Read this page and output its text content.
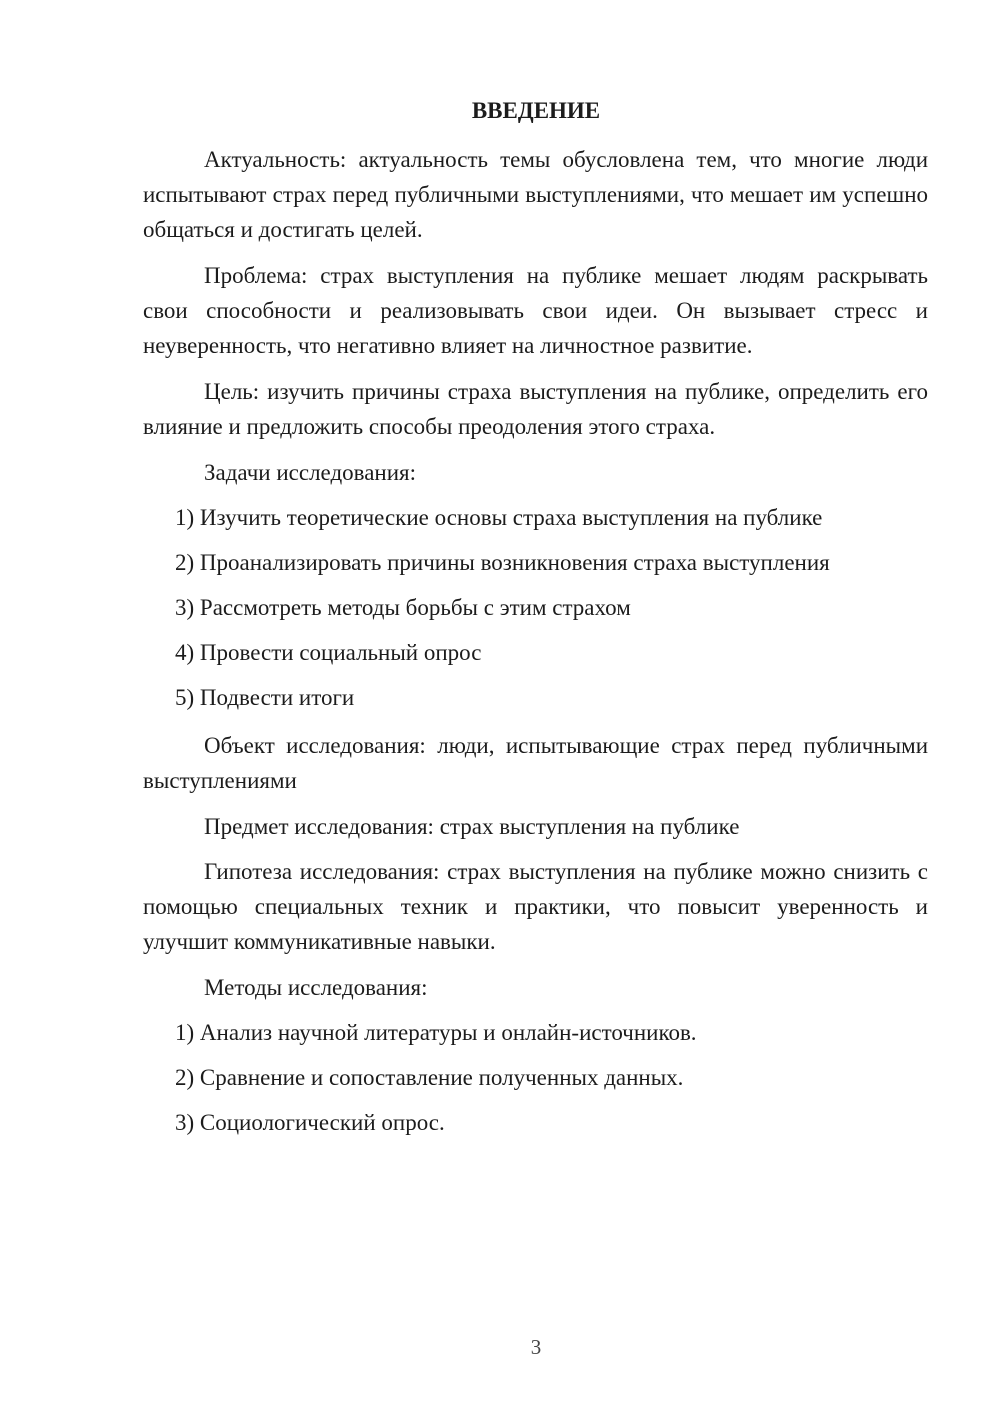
ВВЕДЕНИЕ
Актуальность: актуальность темы обусловлена тем, что многие люди испытывают страх перед публичными выступлениями, что мешает им успешно общаться и достигать целей.
Проблема: страх выступления на публике мешает людям раскрывать свои способности и реализовывать свои идеи. Он вызывает стресс и неуверенность, что негативно влияет на личностное развитие.
Цель: изучить причины страха выступления на публике, определить его влияние и предложить способы преодоления этого страха.
Задачи исследования:
1) Изучить теоретические основы страха выступления на публике
2) Проанализировать причины возникновения страха выступления
3) Рассмотреть методы борьбы с этим страхом
4) Провести социальный опрос
5) Подвести итоги
Объект исследования: люди, испытывающие страх перед публичными выступлениями
Предмет исследования: страх выступления на публике
Гипотеза исследования: страх выступления на публике можно снизить с помощью специальных техник и практики, что повысит уверенность и улучшит коммуникативные навыки.
Методы исследования:
1) Анализ научной литературы и онлайн-источников.
2) Сравнение и сопоставление полученных данных.
3) Социологический опрос.
3
